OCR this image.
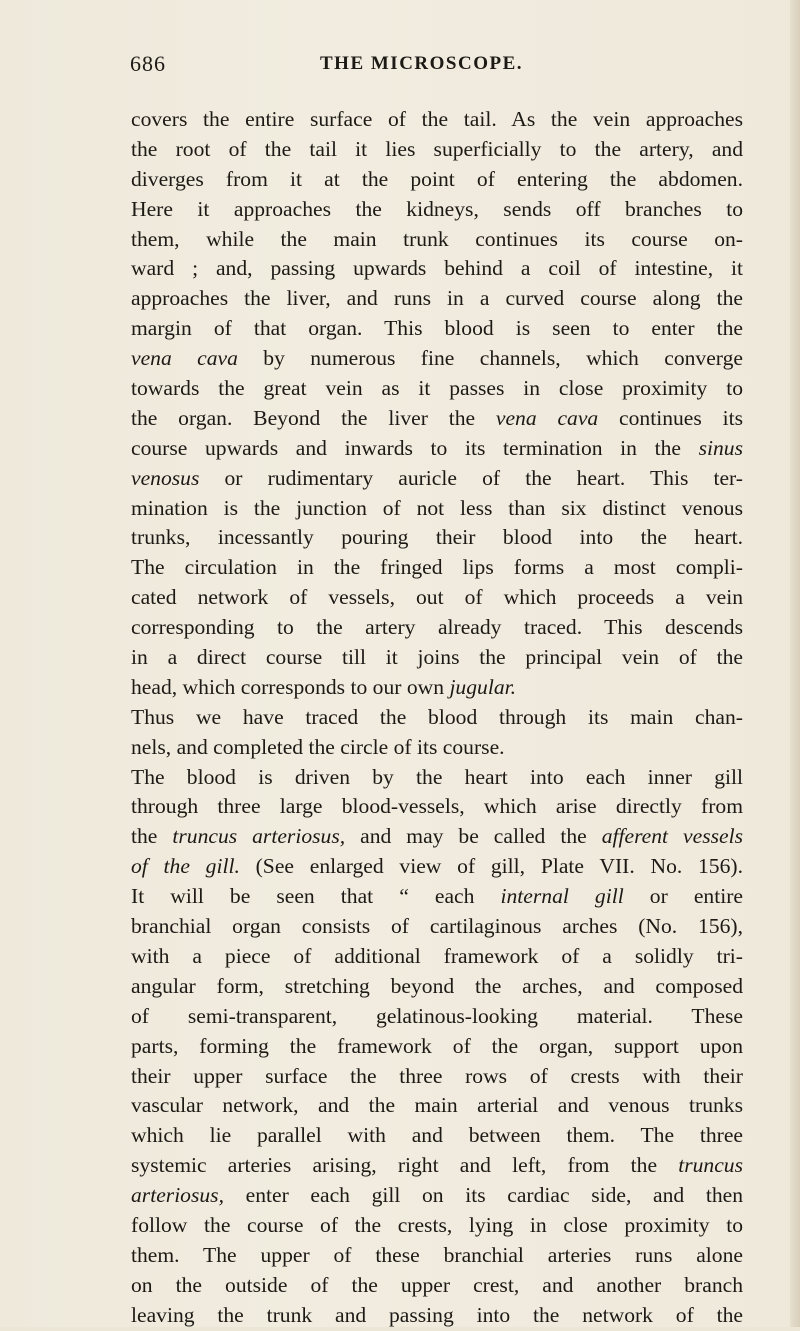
686	THE MICROSCOPE.
covers the entire surface of the tail. As the vein approaches
the root of the tail it lies superficially to the artery, and
diverges from it at the point of entering the abdomen.
Here it approaches the kidneys, sends off branches to
them, while the main trunk continues its course on-
ward ; and, passing upwards behind a coil of intestine, it
approaches the liver, and runs in a curved course along the
margin of that organ. This blood is seen to enter the
vena cava by numerous fine channels, which converge
towards the great vein as it passes in close proximity to
the organ. Beyond the liver the vena cava continues its
course upwards and inwards to its termination in the sinus
venosus or rudimentary auricle of the heart. This ter-
mination is the junction of not less than six distinct venous
trunks, incessantly pouring their blood into the heart.
The circulation in the fringed lips forms a most compli-
cated network of vessels, out of which proceeds a vein
corresponding to the artery already traced. This descends
in a direct course till it joins the principal vein of the
head, which corresponds to our own jugular.
Thus we have traced the blood through its main chan-
nels, and completed the circle of its course.
The blood is driven by the heart into each inner gill
through three large blood-vessels, which arise directly from
the truncus arteriosus, and may be called the afferent vessels
of the gill. (See enlarged view of gill, Plate VII. No. 156).
It will be seen that “ each internal gill or entire
branchial organ consists of cartilaginous arches (No. 156),
with a piece of additional framework of a solidly tri-
angular form, stretching beyond the arches, and composed
of semi-transparent, gelatinous-looking material. These
parts, forming the framework of the organ, support upon
their upper surface the three rows of crests with their
vascular network, and the main arterial and venous trunks
which lie parallel with and between them. The three
systemic arteries arising, right and left, from the truncus
arteriosus, enter each gill on its cardiac side, and then
follow the course of the crests, lying in close proximity to
them. The upper of these branchial arteries runs alone
on the outside of the upper crest, and another branch
leaving the trunk and passing into the network of the
